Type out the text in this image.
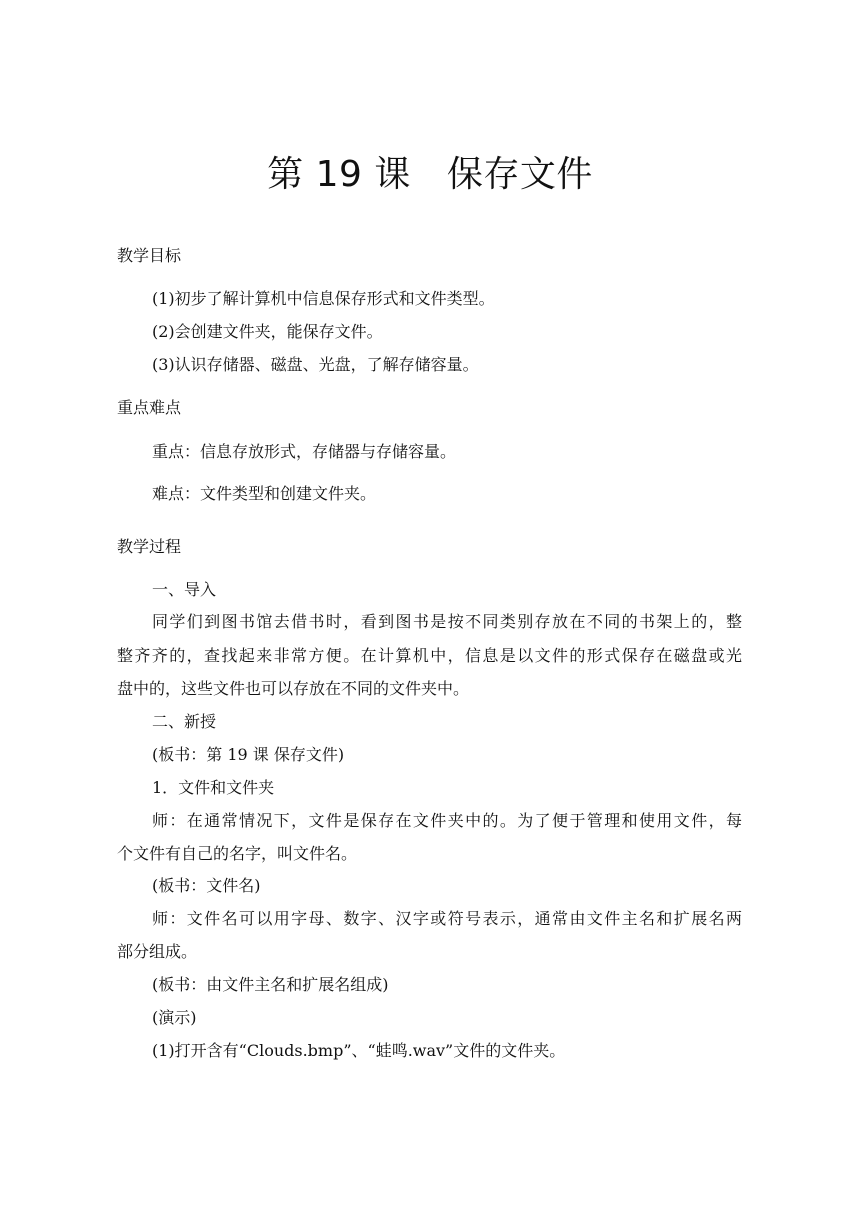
第 19 课 保存文件
教学目标
(1)初步了解计算机中信息保存形式和文件类型。
(2)会创建文件夹，能保存文件。
(3)认识存储器、磁盘、光盘，了解存储容量。
重点难点
重点：信息存放形式，存储器与存储容量。
难点：文件类型和创建文件夹。
教学过程
一、导入
同学们到图书馆去借书时，看到图书是按不同类别存放在不同的书架上的，整
整齐齐的，查找起来非常方便。在计算机中，信息是以文件的形式保存在磁盘或光
盘中的，这些文件也可以存放在不同的文件夹中。
二、新授
(板书：第 19 课 保存文件)
1．文件和文件夹
师：在通常情况下，文件是保存在文件夹中的。为了便于管理和使用文件，每
个文件有自己的名字，叫文件名。
(板书：文件名)
师：文件名可以用字母、数字、汉字或符号表示，通常由文件主名和扩展名两
部分组成。
(板书：由文件主名和扩展名组成)
(演示)
(1)打开含有“Clouds.bmp”、“蛙鸣.wav”文件的文件夹。
